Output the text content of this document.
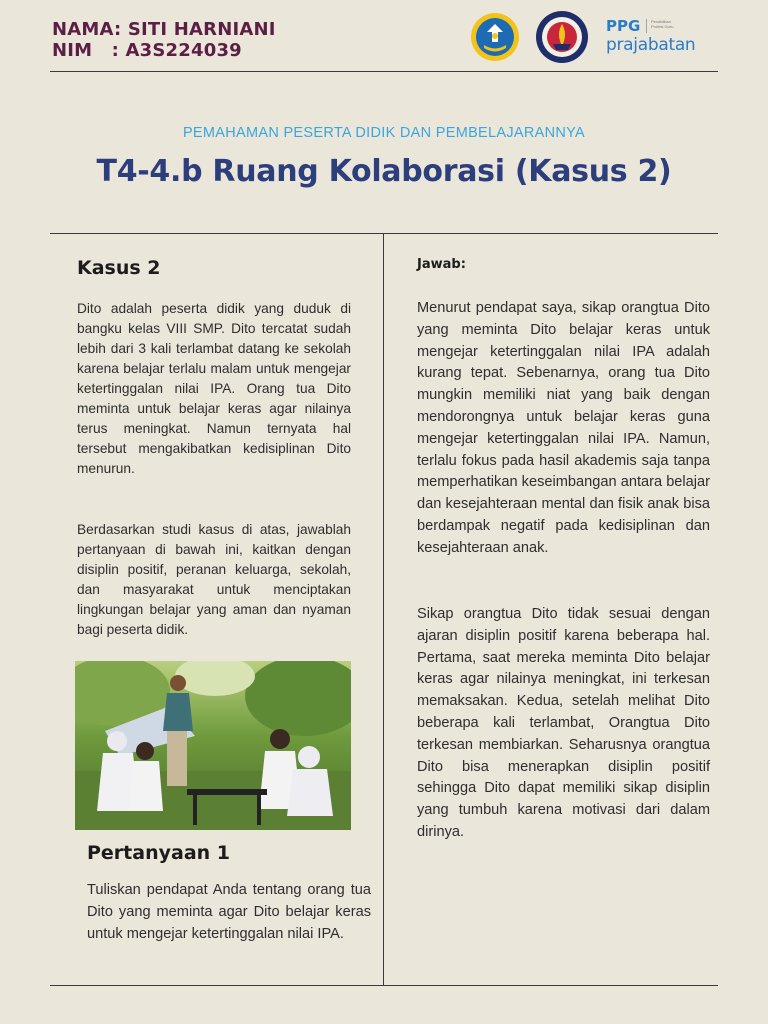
NAMA: SITI HARNIANI
NIM   : A3S224039
PPG	Pendidikan Profesi Guru
prajabatan
PEMAHAMAN PESERTA DIDIK DAN PEMBELAJARANNYA
T4-4.b Ruang Kolaborasi (Kasus 2)
Kasus 2
Dito adalah peserta didik yang duduk di bangku kelas VIII SMP. Dito tercatat sudah lebih dari 3 kali terlambat datang ke sekolah karena belajar terlalu malam untuk mengejar ketertinggalan nilai IPA. Orang tua Dito meminta untuk belajar keras agar nilainya terus meningkat. Namun ternyata hal tersebut mengakibatkan kedisiplinan Dito menurun.
Berdasarkan studi kasus di atas, jawablah pertanyaan di bawah ini, kaitkan dengan disiplin positif, peranan keluarga, sekolah, dan masyarakat untuk menciptakan lingkungan belajar yang aman dan nyaman bagi peserta didik.
Pertanyaan 1
Tuliskan pendapat Anda tentang orang tua Dito yang meminta agar Dito belajar keras untuk mengejar ketertinggalan nilai IPA.
Jawab:
Menurut pendapat saya, sikap orangtua Dito yang meminta Dito belajar keras untuk mengejar ketertinggalan nilai IPA adalah kurang tepat. Sebenarnya, orang tua Dito mungkin memiliki niat yang baik dengan mendorongnya untuk belajar keras guna mengejar ketertinggalan nilai IPA. Namun, terlalu fokus pada hasil akademis saja tanpa memperhatikan keseimbangan antara belajar dan kesejahteraan mental dan fisik anak bisa berdampak negatif pada kedisiplinan dan kesejahteraan anak.
Sikap orangtua Dito tidak sesuai dengan ajaran disiplin positif karena beberapa hal. Pertama, saat mereka meminta Dito belajar keras agar nilainya meningkat, ini terkesan memaksakan. Kedua, setelah melihat Dito beberapa kali terlambat, Orangtua Dito terkesan membiarkan. Seharusnya orangtua Dito bisa menerapkan disiplin positif sehingga Dito dapat memiliki sikap disiplin yang tumbuh karena motivasi dari dalam dirinya.
